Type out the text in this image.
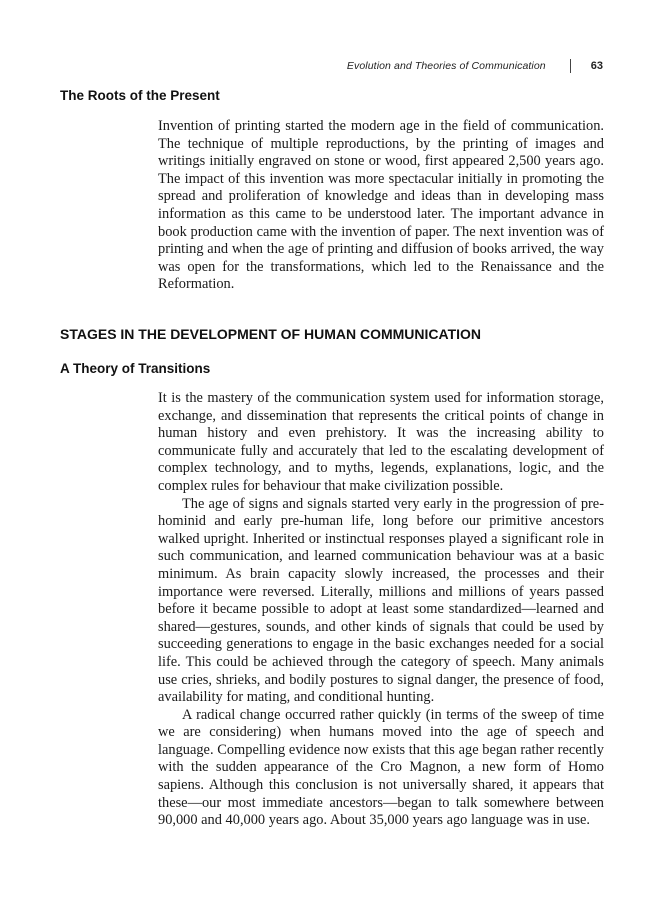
Evolution and Theories of Communication	63
The Roots of the Present

Invention of printing started the modern age in the field of communication. The technique of multiple reproductions, by the printing of images and writings initially engraved on stone or wood, first appeared 2,500 years ago. The impact of this invention was more spectacular initially in promoting the spread and proliferation of knowledge and ideas than in developing mass information as this came to be understood later. The important advance in book production came with the invention of paper. The next invention was of printing and when the age of printing and diffusion of books arrived, the way was open for the transformations, which led to the Renaissance and the Reformation.

STAGES IN THE DEVELOPMENT OF HUMAN COMMUNICATION
A Theory of Transitions

It is the mastery of the communication system used for information storage, exchange, and dissemination that represents the critical points of change in human history and even prehistory. It was the increasing ability to communicate fully and accurately that led to the escalating development of complex technology, and to myths, legends, explanations, logic, and the complex rules for behaviour that make civilization possible.

The age of signs and signals started very early in the progression of pre-hominid and early pre-human life, long before our primitive ancestors walked upright. Inherited or instinctual responses played a significant role in such communication, and learned communication behaviour was at a basic minimum. As brain capacity slowly increased, the processes and their importance were reversed. Literally, millions and millions of years passed before it became possible to adopt at least some standardized—learned and shared—gestures, sounds, and other kinds of signals that could be used by succeeding generations to engage in the basic exchanges needed for a social life. This could be achieved through the category of speech. Many animals use cries, shrieks, and bodily postures to signal danger, the presence of food, availability for mating, and conditional hunting.

A radical change occurred rather quickly (in terms of the sweep of time we are considering) when humans moved into the age of speech and language. Compelling evidence now exists that this age began rather recently with the sudden appearance of the Cro Magnon, a new form of Homo sapiens. Although this conclusion is not universally shared, it appears that these—our most immediate ancestors—began to talk somewhere between 90,000 and 40,000 years ago. About 35,000 years ago language was in use.
